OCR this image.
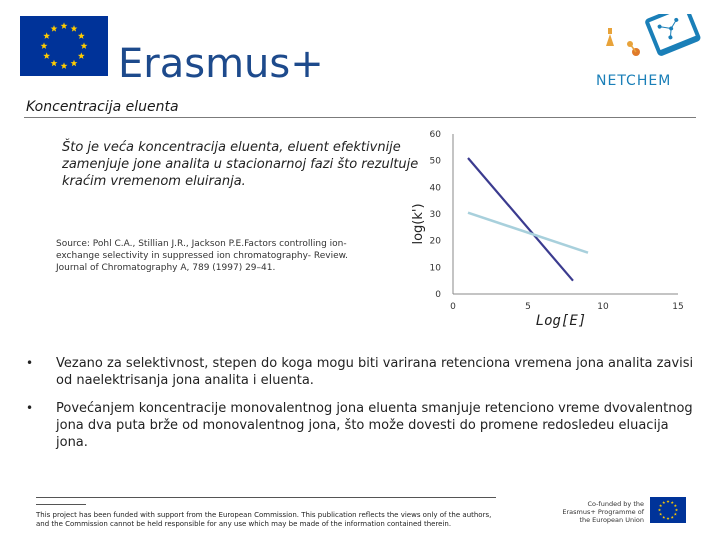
Erasmus+	NETCHEM
Koncentracija eluenta
Što je veća koncentracija eluenta, eluent efektivnije zamenjuje jone analita u stacionarnoj fazi što rezultuje kraćim vremenom eluiranja.
Source: Pohl C.A., Stillian J.R., Jackson P.E.Factors controlling ion-exchange selectivity in suppressed ion chromatography- Review. Journal of Chromatography A, 789 (1997) 29–41.
0
10
20
30
40
50
60
0	5	10	15
log(k')
Log[E]
• Vezano za selektivnost, stepen do koga mogu biti varirana retenciona vremena jona analita zavisi od naelektrisanja jona analita i eluenta.
• Povećanjem koncentracije monovalentnog jona eluenta smanjuje retenciono vreme dvovalentnog jona dva puta brže od monovalentnog jona, što može dovesti do promene redosledeu eluacija jona.
This project has been funded with support from the European Commission. This publication reflects the views only of the authors, and the Commission cannot be held responsible for any use which may be made of the information contained therein.
Co-funded by the Erasmus+ Programme of the European Union
